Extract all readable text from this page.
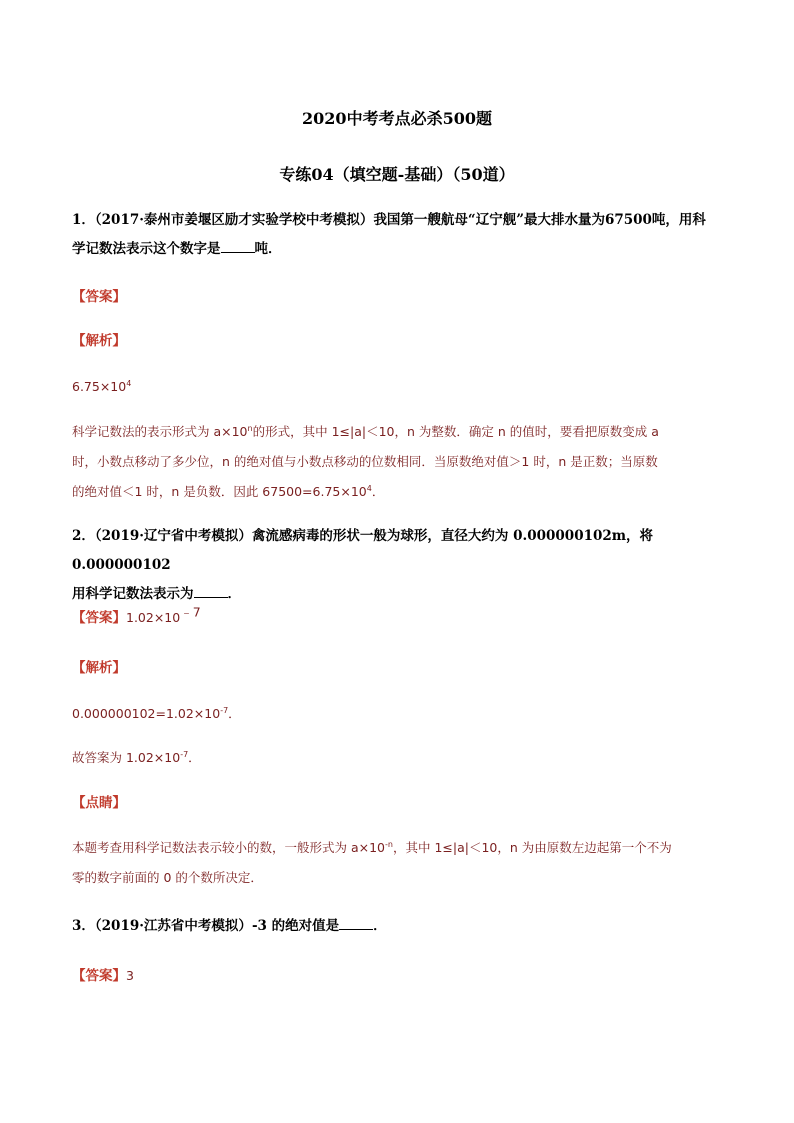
2020中考考点必杀500题
专练04（填空题-基础）（50道）
1．（2017·泰州市姜堰区励才实验学校中考模拟）我国第一艘航母“辽宁舰”最大排水量为67500吨，用科
学记数法表示这个数字是	吨．
【答案】
【解析】
$6.75\times 10^4$
科学记数法的表示形式为 $a\times 10^n$的形式，其中 1≤|a|＜10，n 为整数．确定 n 的值时，要看把原数变成 a
时，小数点移动了多少位，n 的绝对值与小数点移动的位数相同．当原数绝对值＞1 时，n 是正数；当原数
的绝对值＜1 时，n 是负数．因此 $67500=6.75\times 10^4$．
2．（2019·辽宁省中考模拟）禽流感病毒的形状一般为球形，直径大约为 0.000000102m，将 0.000000102
用科学记数法表示为	．
【答案】$1.02\times 10^{﹣7}$
【解析】
$0.000000102=1.02\times 10^{-7}$．
故答案为 $1.02\times 10^{-7}$．
【点睛】
本题考查用科学记数法表示较小的数，一般形式为 $a\times 10^{-n}$，其中 1≤|a|＜10，n 为由原数左边起第一个不为
零的数字前面的 0 的个数所决定．
3．（2019·江苏省中考模拟）-3 的绝对值是	．
【答案】3
